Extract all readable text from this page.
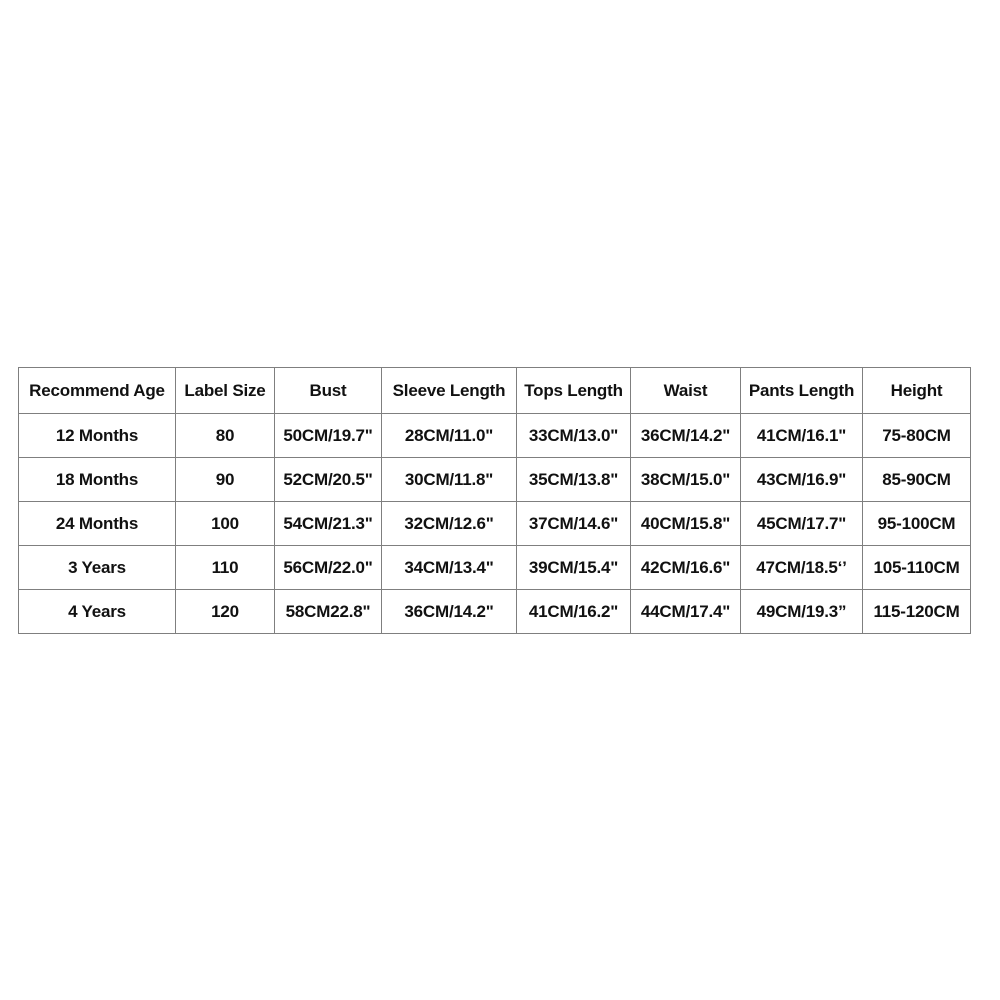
Recommend Age	Label Size	Bust	Sleeve Length	Tops Length	Waist	Pants Length	Height
12 Months	80	50CM/19.7"	28CM/11.0"	33CM/13.0"	36CM/14.2"	41CM/16.1"	75-80CM
18 Months	90	52CM/20.5"	30CM/11.8"	35CM/13.8"	38CM/15.0"	43CM/16.9"	85-90CM
24 Months	100	54CM/21.3"	32CM/12.6"	37CM/14.6"	40CM/15.8"	45CM/17.7"	95-100CM
3 Years	110	56CM/22.0"	34CM/13.4"	39CM/15.4"	42CM/16.6"	47CM/18.5‘’	105-110CM
4 Years	120	58CM22.8"	36CM/14.2"	41CM/16.2"	44CM/17.4"	49CM/19.3”	115-120CM
